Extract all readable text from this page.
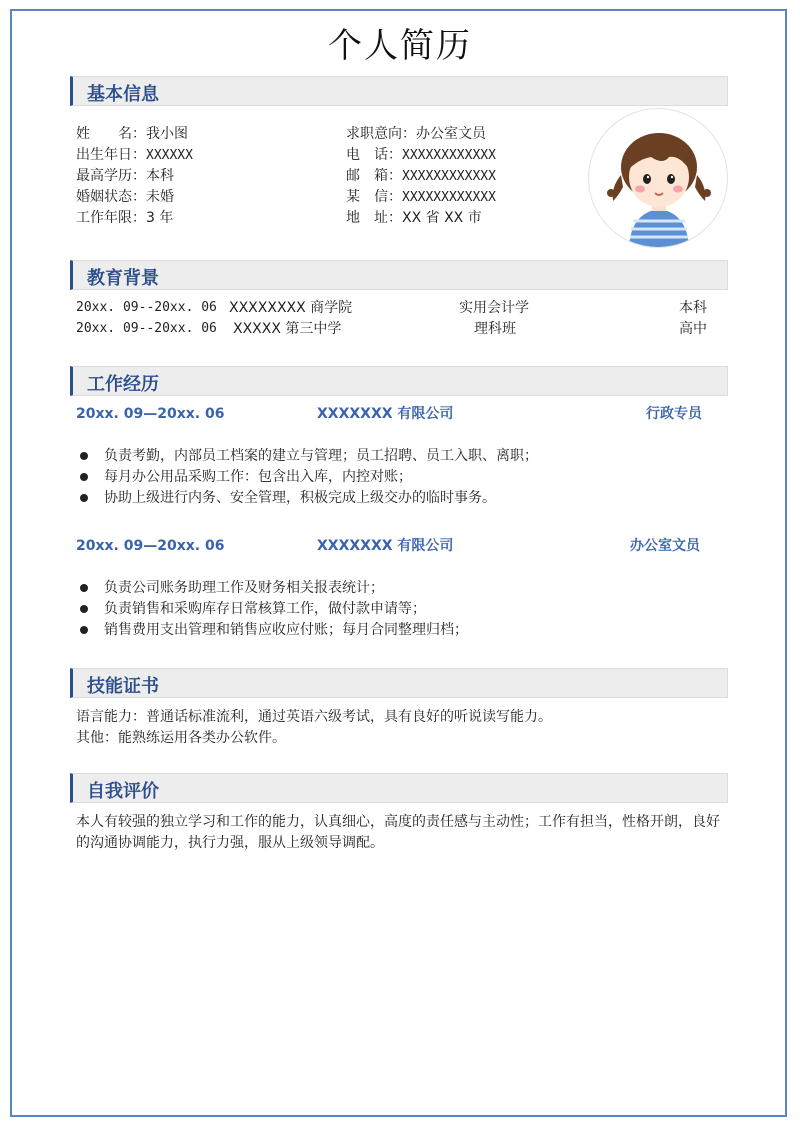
个人简历
基本信息
姓　　名：我小图
出生年日：XXXXXX
最高学历：本科
婚姻状态：未婚
工作年限：3 年
求职意向：办公室文员
电　话：XXXXXXXXXXXX
邮　箱：XXXXXXXXXXXX
某　信：XXXXXXXXXXXX
地　址：XX 省 XX 市
教育背景
20xx. 09--20xx. 06 XXXXXXXX 商学院	实用会计学	本科
20xx. 09--20xx. 06 XXXXX 第三中学	理科班	高中
工作经历
20xx. 09—20xx. 06	XXXXXXX 有限公司	行政专员
负责考勤，内部员工档案的建立与管理；员工招聘、员工入职、离职；
每月办公用品采购工作：包含出入库，内控对账；
协助上级进行内务、安全管理，积极完成上级交办的临时事务。
20xx. 09—20xx. 06	XXXXXXX 有限公司	办公室文员
负责公司账务助理工作及财务相关报表统计；
负责销售和采购库存日常核算工作，做付款申请等；
销售费用支出管理和销售应收应付账；每月合同整理归档；
技能证书
语言能力：普通话标准流利，通过英语六级考试，具有良好的听说读写能力。
其他：能熟练运用各类办公软件。
自我评价
本人有较强的独立学习和工作的能力，认真细心，高度的责任感与主动性；工作有担当，性格开朗，良好的沟通协调能力，执行力强，服从上级领导调配。
